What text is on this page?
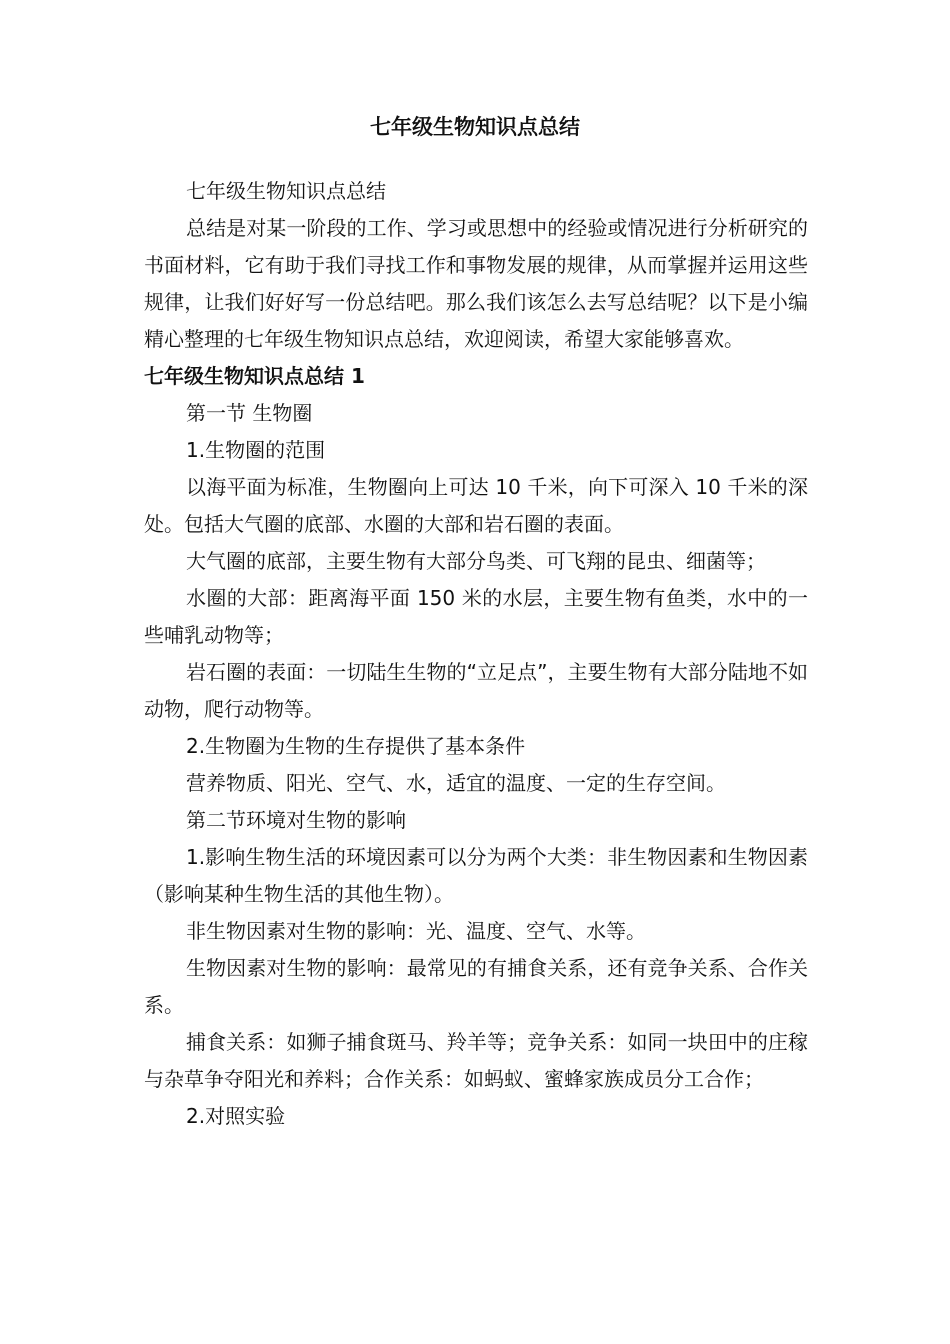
七年级生物知识点总结

七年级生物知识点总结

总结是对某一阶段的工作、学习或思想中的经验或情况进行分析研究的书面材料，它有助于我们寻找工作和事物发展的规律，从而掌握并运用这些规律，让我们好好写一份总结吧。那么我们该怎么去写总结呢？以下是小编精心整理的七年级生物知识点总结，欢迎阅读，希望大家能够喜欢。

七年级生物知识点总结 1

第一节 生物圈

1.生物圈的范围

以海平面为标准，生物圈向上可达 10 千米，向下可深入 10 千米的深处。包括大气圈的底部、水圈的大部和岩石圈的表面。

大气圈的底部，主要生物有大部分鸟类、可飞翔的昆虫、细菌等；

水圈的大部：距离海平面 150 米的水层，主要生物有鱼类，水中的一些哺乳动物等；

岩石圈的表面：一切陆生生物的“立足点”，主要生物有大部分陆地不如动物，爬行动物等。

2.生物圈为生物的生存提供了基本条件

营养物质、阳光、空气、水，适宜的温度、一定的生存空间。

第二节环境对生物的影响

1.影响生物生活的环境因素可以分为两个大类：非生物因素和生物因素（影响某种生物生活的其他生物）。

非生物因素对生物的影响：光、温度、空气、水等。

生物因素对生物的影响：最常见的有捕食关系，还有竞争关系、合作关系。

捕食关系：如狮子捕食斑马、羚羊等；竞争关系：如同一块田中的庄稼与杂草争夺阳光和养料；合作关系：如蚂蚁、蜜蜂家族成员分工合作；

2.对照实验
